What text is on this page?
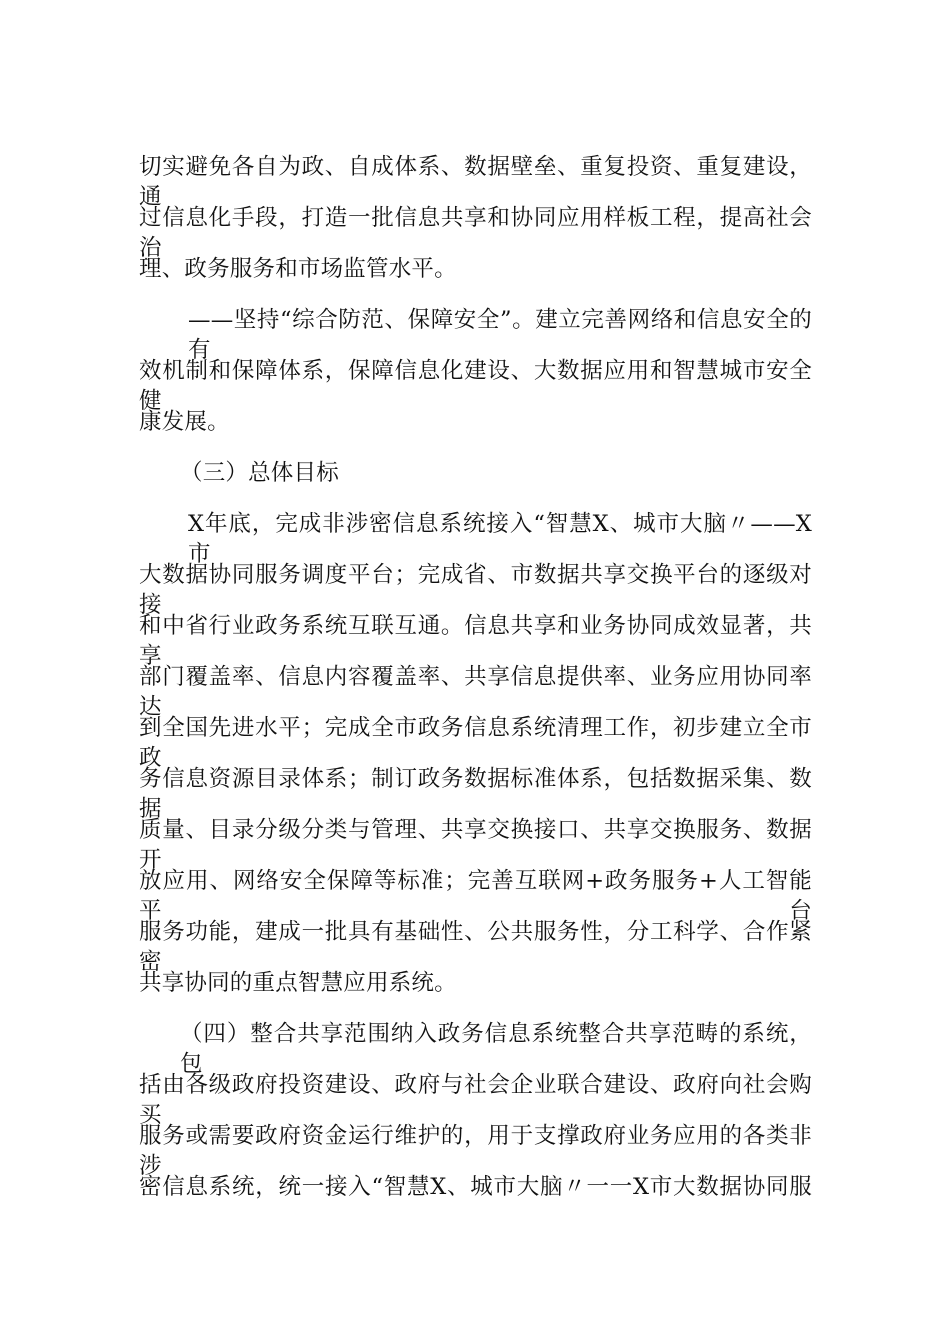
切实避免各自为政、自成体系、数据壁垒、重复投资、重复建设，通
过信息化手段，打造一批信息共享和协同应用样板工程，提高社会治
理、政务服务和市场监管水平。
——坚持“综合防范、保障安全”。建立完善网络和信息安全的有
效机制和保障体系，保障信息化建设、大数据应用和智慧城市安全健
康发展。
（三）总体目标
X年底，完成非涉密信息系统接入“智慧X、城市大脑〃——X市
大数据协同服务调度平台；完成省、市数据共享交换平台的逐级对接
和中省行业政务系统互联互通。信息共享和业务协同成效显著，共享
部门覆盖率、信息内容覆盖率、共享信息提供率、业务应用协同率达
到全国先进水平；完成全市政务信息系统清理工作，初步建立全市政
务信息资源目录体系；制订政务数据标准体系，包括数据采集、数据
质量、目录分级分类与管理、共享交换接口、共享交换服务、数据开
放应用、网络安全保障等标准；完善互联网+政务服务+人工智能平台
服务功能，建成一批具有基础性、公共服务性，分工科学、合作紧密
共享协同的重点智慧应用系统。
（四）整合共享范围纳入政务信息系统整合共享范畴的系统，包
括由各级政府投资建设、政府与社会企业联合建设、政府向社会购买
服务或需要政府资金运行维护的，用于支撑政府业务应用的各类非涉
密信息系统，统一接入“智慧X、城市大脑〃一一X市大数据协同服
